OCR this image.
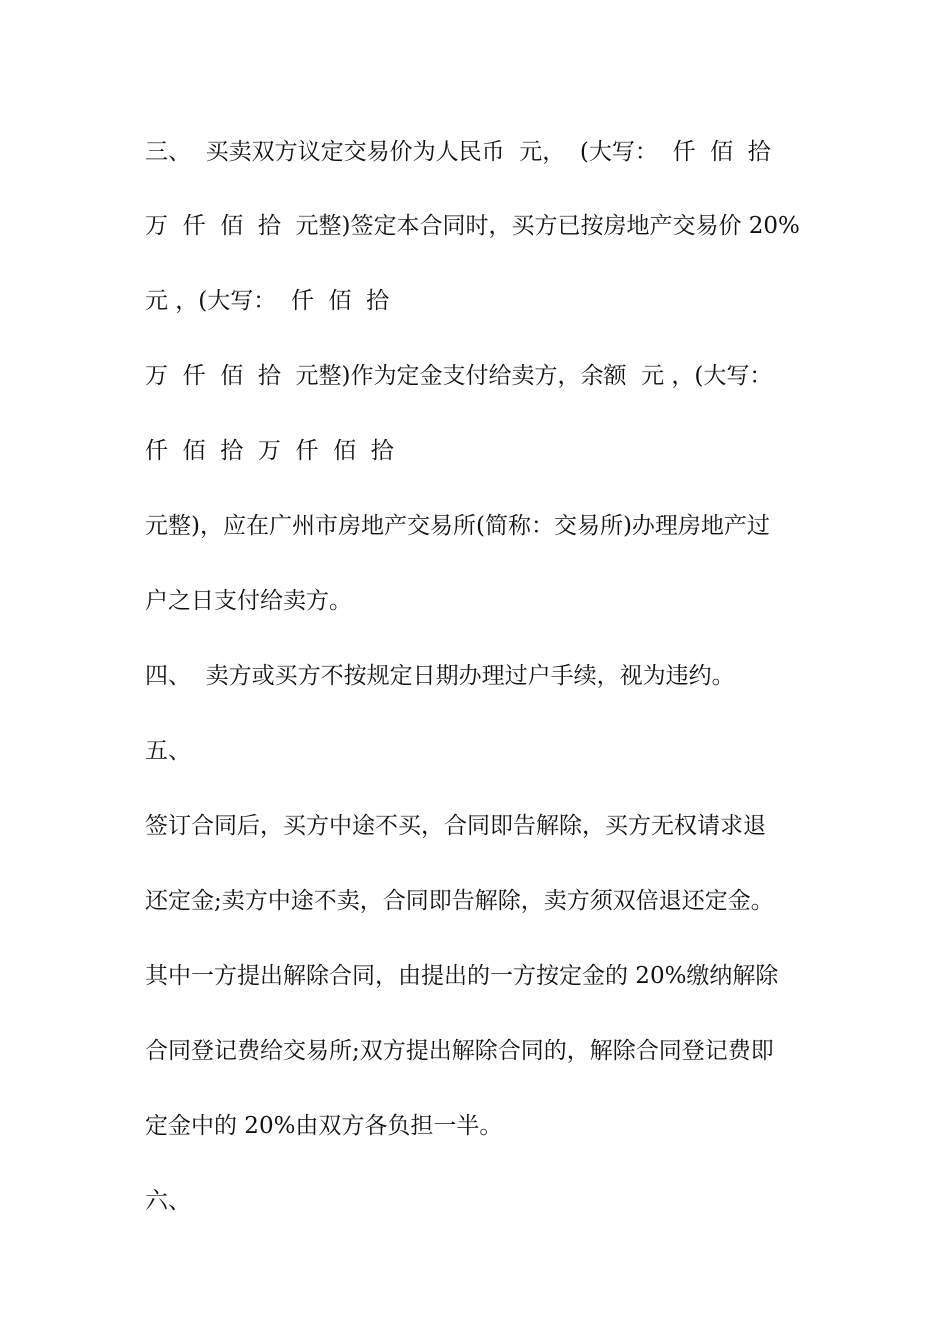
三、  买卖双方议定交易价为人民币  元，  (大写：  仟  佰  拾

万  仟  佰  拾  元整)签定本合同时，买方已按房地产交易价 20%

元 ，(大写：  仟  佰  拾

万  仟  佰  拾  元整)作为定金支付给卖方，余额  元 ，(大写：

仟  佰  拾  万  仟  佰  拾

元整)，应在广州市房地产交易所(简称：交易所)办理房地产过

户之日支付给卖方。

四、  卖方或买方不按规定日期办理过户手续，视为违约。

五、

签订合同后，买方中途不买，合同即告解除，买方无权请求退

还定金;卖方中途不卖，合同即告解除，卖方须双倍退还定金。

其中一方提出解除合同，由提出的一方按定金的 20%缴纳解除

合同登记费给交易所;双方提出解除合同的，解除合同登记费即

定金中的 20%由双方各负担一半。

六、
